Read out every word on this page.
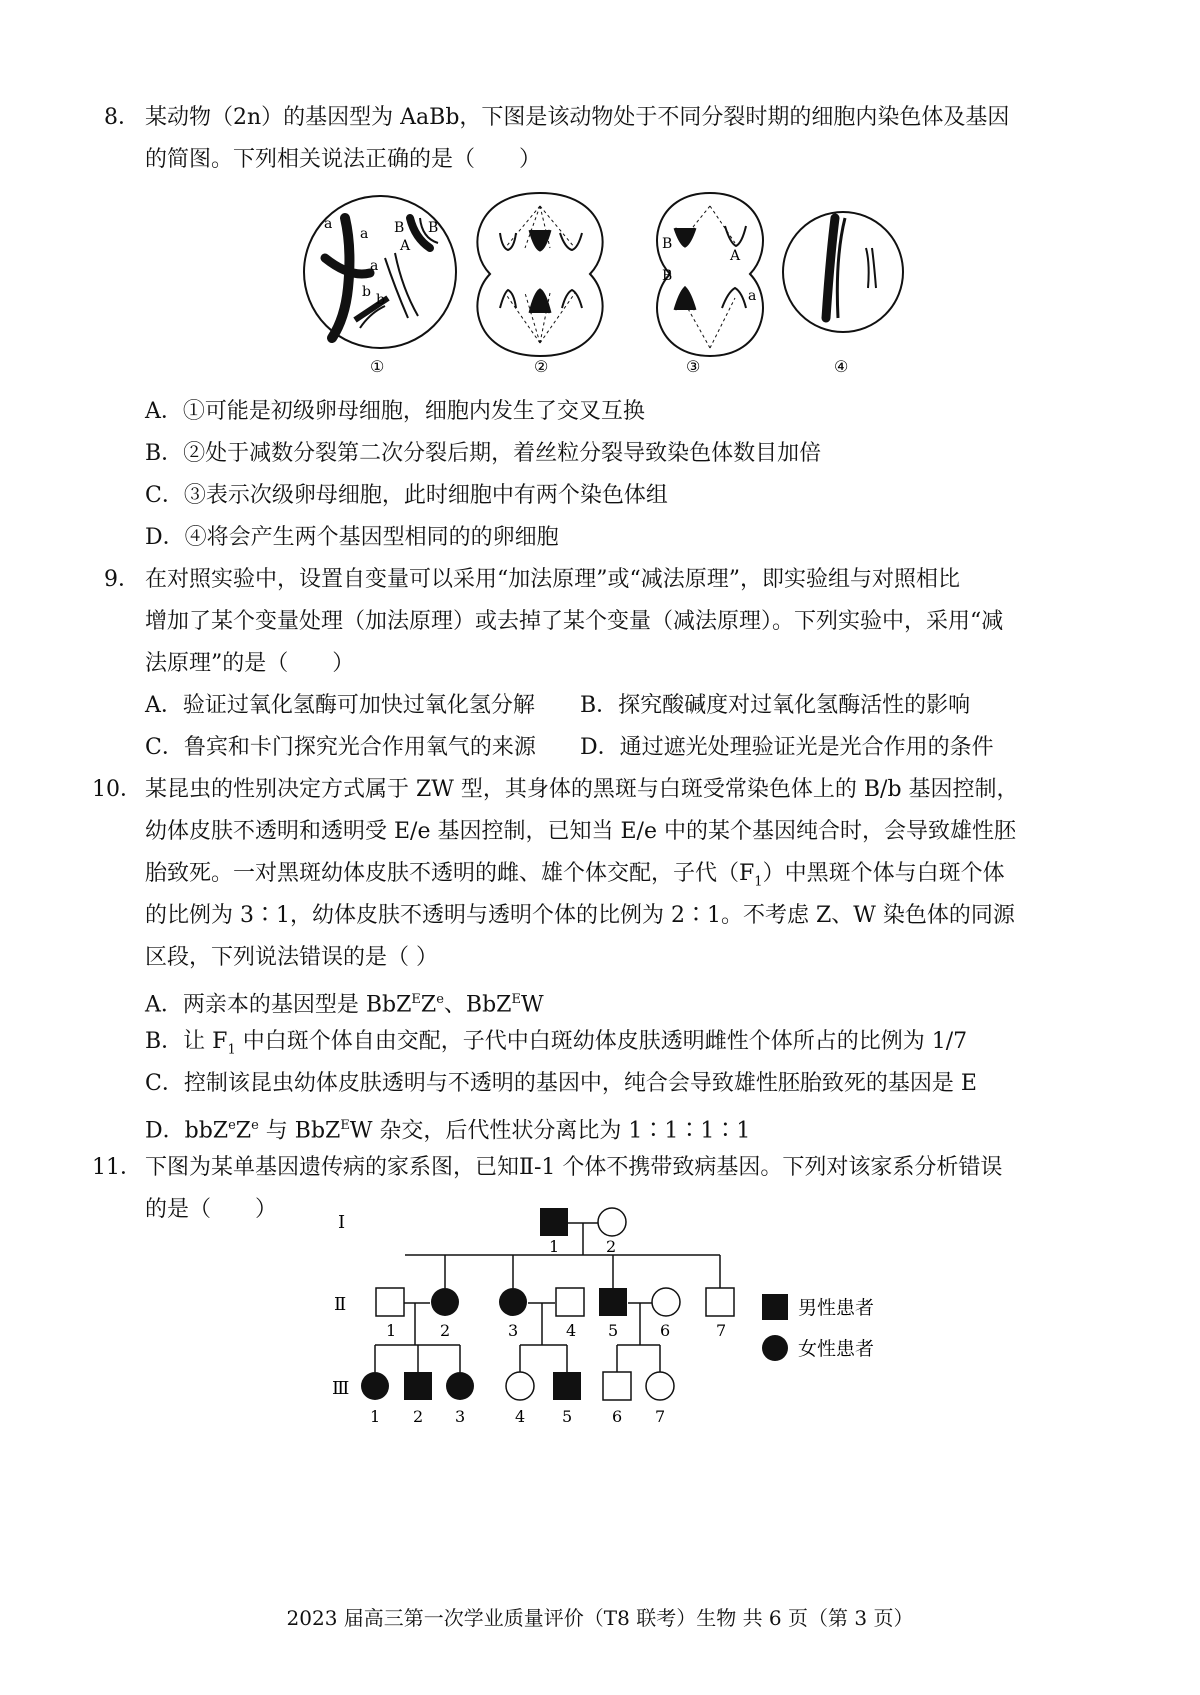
8． 某动物（2n）的基因型为 AaBb，下图是该动物处于不同分裂时期的细胞内染色体及基因
的简图。下列相关说法正确的是（　　）
a
a
A
a
B B
b b
B
A
B
a
①	②	③	④
A．①可能是初级卵母细胞，细胞内发生了交叉互换
B．②处于减数分裂第二次分裂后期，着丝粒分裂导致染色体数目加倍
C．③表示次级卵母细胞，此时细胞中有两个染色体组
D．④将会产生两个基因型相同的的卵细胞
9． 在对照实验中，设置自变量可以采用“加法原理”或“减法原理”，即实验组与对照相比
增加了某个变量处理（加法原理）或去掉了某个变量（减法原理）。下列实验中，采用“减
法原理”的是（　　）
A．验证过氧化氢酶可加快过氧化氢分解 B．探究酸碱度对过氧化氢酶活性的影响
C．鲁宾和卡门探究光合作用氧气的来源 D．通过遮光处理验证光是光合作用的条件
10． 某昆虫的性别决定方式属于 ZW 型，其身体的黑斑与白斑受常染色体上的 B/b 基因控制，
幼体皮肤不透明和透明受 E/e 基因控制，已知当 E/e 中的某个基因纯合时，会导致雄性胚
胎致死。一对黑斑幼体皮肤不透明的雌、雄个体交配，子代$(F_1)$中黑斑个体与白斑个体
的比例为 3∶1，幼体皮肤不透明与透明个体的比例为 2∶1。不考虑 Z、W 染色体的同源
区段，下列说法错误的是（ ）
A．两亲本的基因型是 $BbZ^EZ^e$、BbZ$^E$W
B．让 $F_1$ 中白斑个体自由交配，子代中白斑幼体皮肤透明雌性个体所占的比例为 1/7
C．控制该昆虫幼体皮肤透明与不透明的基因中，纯合会导致雄性胚胎致死的基因是 E
D．$bbZ^eZ^e$ 与 BbZ$^E$W 杂交，后代性状分离比为 1∶1∶1∶1
11． 下图为某单基因遗传病的家系图，已知Ⅱ-1 个体不携带致病基因。下列对该家系分析错误
的是（　　）
I
Ⅱ
Ⅲ
1	2
1	2	3	4 5	6	7
1 2 3	4 5 6 7
男性患者
女性患者
2023 届高三第一次学业质量评价（T8 联考）生物 共 6 页（第 3 页）
